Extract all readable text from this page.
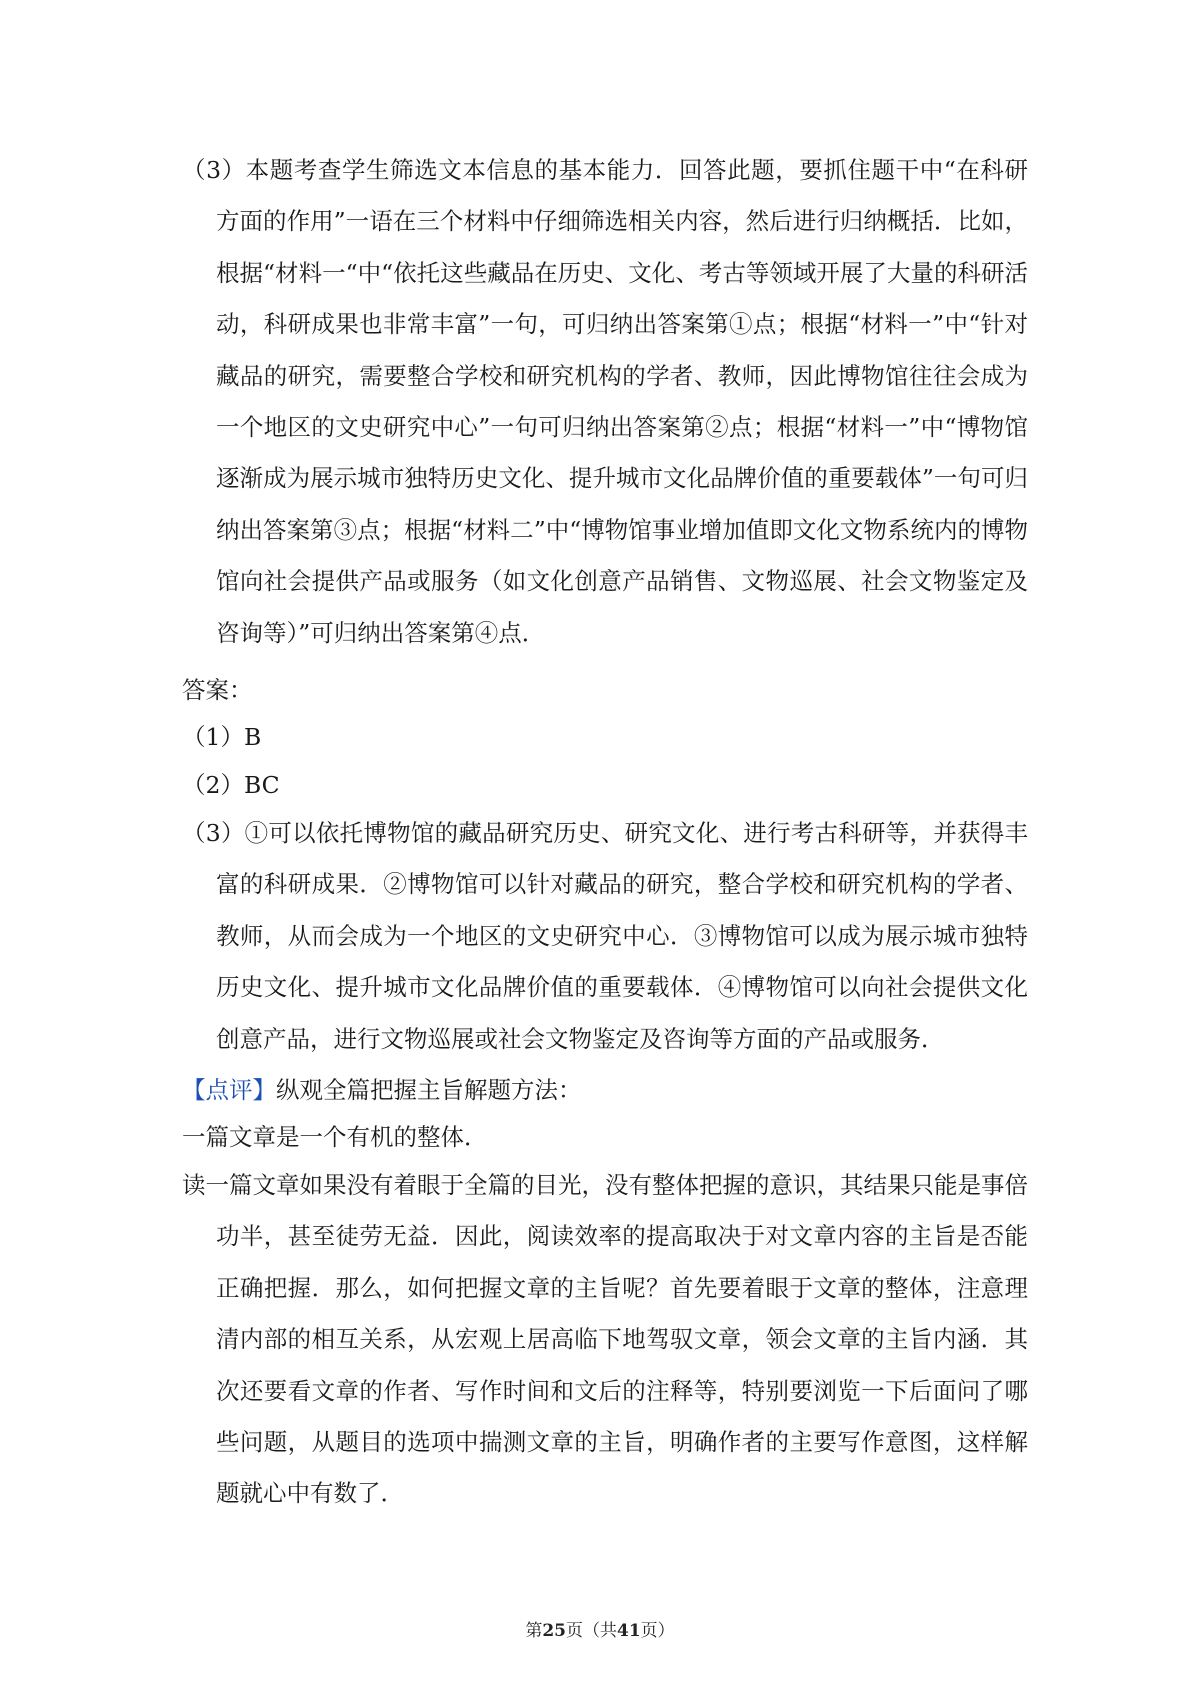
（3）本题考查学生筛选文本信息的基本能力．回答此题，要抓住题干中“在科研方面的作用”一语在三个材料中仔细筛选相关内容，然后进行归纳概括．比如，根据“材料一“中“依托这些藏品在历史、文化、考古等领域开展了大量的科研活动，科研成果也非常丰富”一句，可归纳出答案第①点；根据“材料一”中“针对藏品的研究，需要整合学校和研究机构的学者、教师，因此博物馆往往会成为一个地区的文史研究中心”一句可归纳出答案第②点；根据“材料一”中“博物馆逐渐成为展示城市独特历史文化、提升城市文化品牌价值的重要载体”一句可归纳出答案第③点；根据“材料二”中“博物馆事业增加值即文化文物系统内的博物馆向社会提供产品或服务（如文化创意产品销售、文物巡展、社会文物鉴定及咨询等）”可归纳出答案第④点．
答案：
（1）B
（2）BC
（3）①可以依托博物馆的藏品研究历史、研究文化、进行考古科研等，并获得丰富的科研成果．②博物馆可以针对藏品的研究，整合学校和研究机构的学者、教师，从而会成为一个地区的文史研究中心．③博物馆可以成为展示城市独特历史文化、提升城市文化品牌价值的重要载体．④博物馆可以向社会提供文化创意产品，进行文物巡展或社会文物鉴定及咨询等方面的产品或服务．
【点评】纵观全篇把握主旨解题方法：
一篇文章是一个有机的整体．
读一篇文章如果没有着眼于全篇的目光，没有整体把握的意识，其结果只能是事倍功半，甚至徒劳无益．因此，阅读效率的提高取决于对文章内容的主旨是否能正确把握．那么，如何把握文章的主旨呢？首先要着眼于文章的整体，注意理清内部的相互关系，从宏观上居高临下地驾驭文章，领会文章的主旨内涵．其次还要看文章的作者、写作时间和文后的注释等，特别要浏览一下后面问了哪些问题，从题目的选项中揣测文章的主旨，明确作者的主要写作意图，这样解题就心中有数了．
第25页（共41页）
